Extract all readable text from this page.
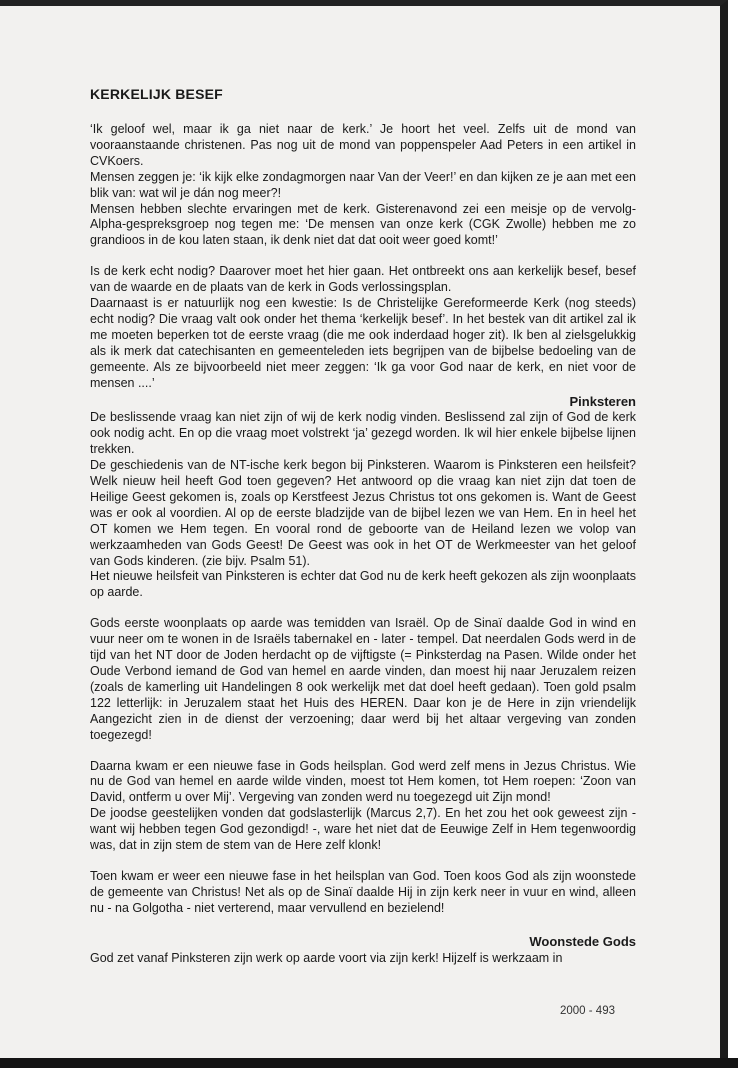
KERKELIJK BESEF

‘Ik geloof wel, maar ik ga niet naar de kerk.’ Je hoort het veel. Zelfs uit de mond van voorаanstaande christenen. Pas nog uit de mond van poppenspeler Aad Peters in een artikel in CVKoers.

Mensen zeggen je: ‘ik kijk elke zondagmorgen naar Van der Veer!’ en dan kijken ze je aan met een blik van: wat wil je dán nog meer?!

Mensen hebben slechte ervaringen met de kerk. Gisterenavond zei een meisje op de vervolg-Alpha-gespreksgroep nog tegen me: ‘De mensen van onze kerk (CGK Zwolle) hebben me zo grandioos in de kou laten staan, ik denk niet dat dat ooit weer goed komt!’

Is de kerk echt nodig? Daarover moet het hier gaan. Het ontbreekt ons aan kerkelijk besef, besef van de waarde en de plaats van de kerk in Gods verlossingsplan.

Daarnaast is er natuurlijk nog een kwestie: Is de Christelijke Gereformeerde Kerk (nog steeds) echt nodig? Die vraag valt ook onder het thema ‘kerkelijk besef’. In het bestek van dit artikel zal ik me moeten beperken tot de eerste vraag (die me ook inderdaad hoger zit). Ik ben al zielsgelukkig als ik merk dat catechisanten en gemeenteleden iets begrijpen van de bijbelse bedoeling van de gemeente. Als ze bijvoorbeeld niet meer zeggen: ‘Ik ga voor God naar de kerk, en niet voor de mensen ....’

Pinksteren

De beslissende vraag kan niet zijn of wij de kerk nodig vinden. Beslissend zal zijn of God de kerk ook nodig acht. En op die vraag moet volstrekt ‘ja’ gezegd worden. Ik wil hier enkele bijbelse lijnen trekken.

De geschiedenis van de NT-ische kerk begon bij Pinksteren. Waarom is Pinksteren een heilsfeit? Welk nieuw heil heeft God toen gegeven? Het antwoord op die vraag kan niet zijn dat toen de Heilige Geest gekomen is, zoals op Kerstfeest Jezus Christus tot ons gekomen is. Want de Geest was er ook al voordien. Al op de eerste bladzijde van de bijbel lezen we van Hem. En in heel het OT komen we Hem tegen. En vooral rond de geboorte van de Heiland lezen we volop van werkzaamheden van Gods Geest! De Geest was ook in het OT de Werkmeester van het geloof van Gods kinderen. (zie bijv. Psalm 51).

Het nieuwe heilsfeit van Pinksteren is echter dat God nu de kerk heeft gekozen als zijn woonplaats op aarde.

Gods eerste woonplaats op aarde was temidden van Israël. Op de Sinaï daalde God in wind en vuur neer om te wonen in de Israëls tabernakel en - later - tempel. Dat neerdalen Gods werd in de tijd van het NT door de Joden herdacht op de vijftigste (= Pinksterdag na Pasen. Wilde onder het Oude Verbond iemand de God van hemel en aarde vinden, dan moest hij naar Jeruzalem reizen (zoals de kamerling uit Handelingen 8 ook werkelijk met dat doel heeft gedaan). Toen gold psalm 122 letterlijk: in Jeruzalem staat het Huis des HEREN. Daar kon je de Here in zijn vriendelijk Aangezicht zien in de dienst der verzoening; daar werd bij het altaar vergeving van zonden toegezegd!

Daarna kwam er een nieuwe fase in Gods heilsplan. God werd zelf mens in Jezus Christus. Wie nu de God van hemel en aarde wilde vinden, moest tot Hem komen, tot Hem roepen: ‘Zoon van David, ontferm u over Mij’. Vergeving van zonden werd nu toegezegd uit Zijn mond!

De joodse geestelijken vonden dat godslasterlijk (Marcus 2,7). En het zou het ook geweest zijn - want wij hebben tegen God gezondigd! -, ware het niet dat de Eeuwige Zelf in Hem tegenwoordig was, dat in zijn stem de stem van de Here zelf klonk!

Toen kwam er weer een nieuwe fase in het heilsplan van God. Toen koos God als zijn woonstede de gemeente van Christus! Net als op de Sinaï daalde Hij in zijn kerk neer in vuur en wind, alleen nu - na Golgotha - niet verterend, maar vervullend en bezielend!

Woonstede Gods

God zet vanaf Pinksteren zijn werk op aarde voort via zijn kerk! Hijzelf is werkzaam in

2000 - 493
